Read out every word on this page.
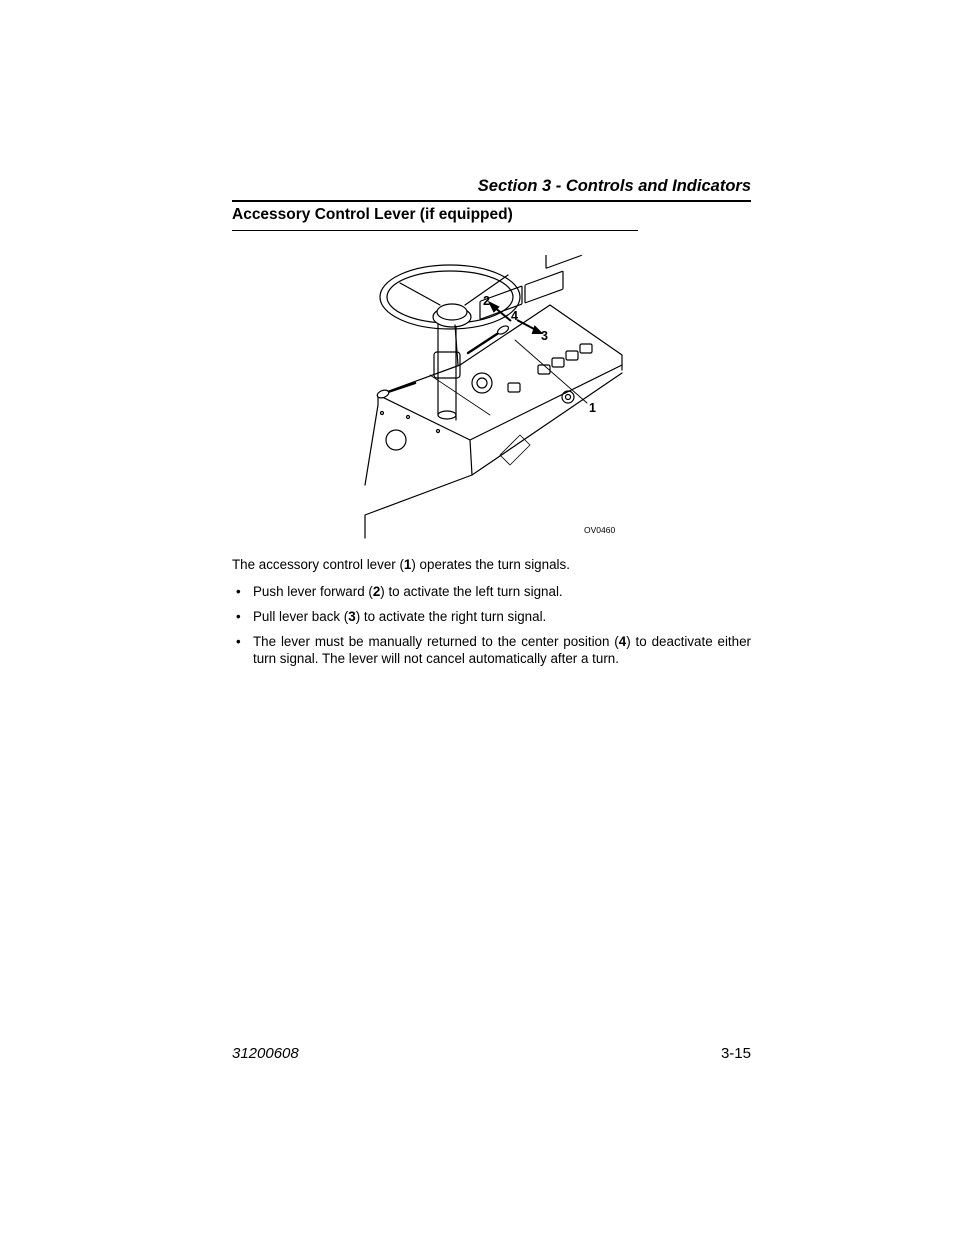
Section 3 - Controls and Indicators
Accessory Control Lever (if equipped)
2
4
3
1
OV0460
The accessory control lever (1) operates the turn signals.
• Push lever forward (2) to activate the left turn signal.
• Pull lever back (3) to activate the right turn signal.
• The lever must be manually returned to the center position (4) to deactivate either turn signal. The lever will not cancel automatically after a turn.
31200608	3-15
